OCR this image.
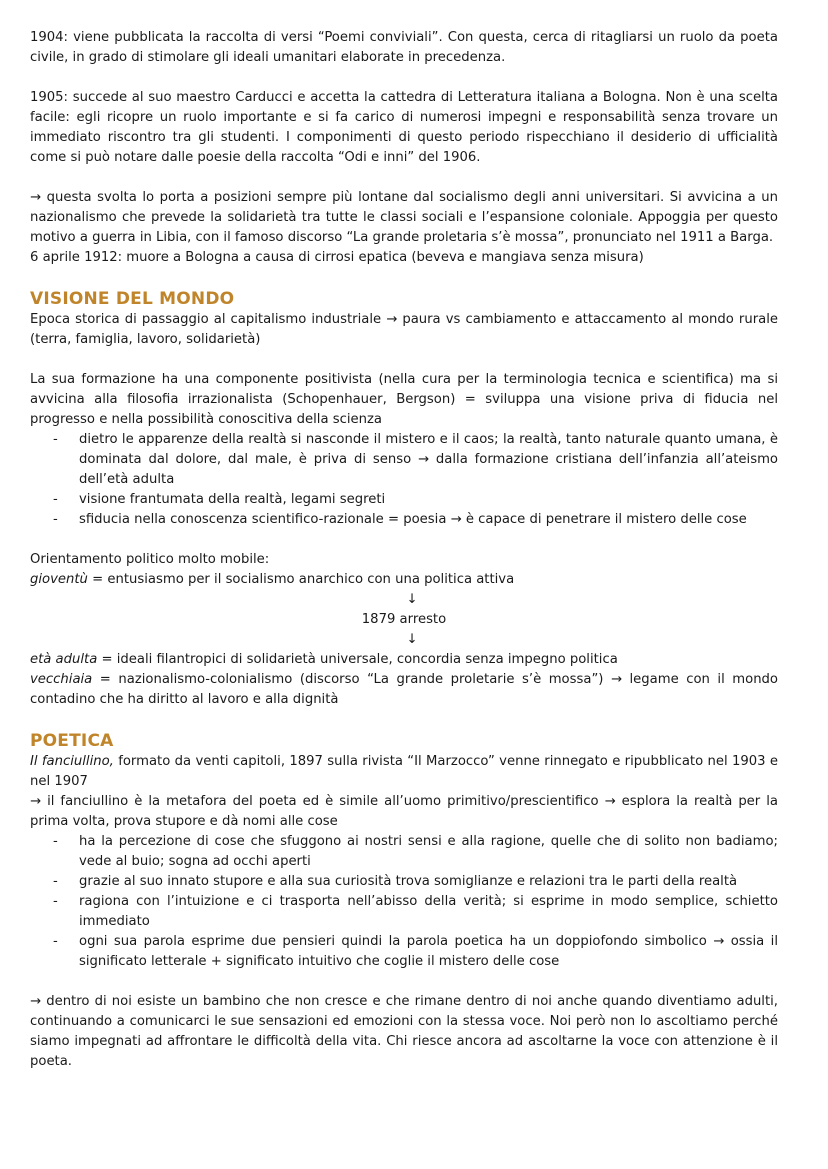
1904: viene pubblicata la raccolta di versi “Poemi conviviali”. Con questa, cerca di ritagliarsi un ruolo da poeta civile, in grado di stimolare gli ideali umanitari elaborate in precedenza.

1905: succede al suo maestro Carducci e accetta la cattedra di Letteratura italiana a Bologna. Non è una scelta facile: egli ricopre un ruolo importante e si fa carico di numerosi impegni e responsabilità senza trovare un immediato riscontro tra gli studenti. I componimenti di questo periodo rispecchiano il desiderio di ufficialità come si può notare dalle poesie della raccolta “Odi e inni” del 1906.

→ questa svolta lo porta a posizioni sempre più lontane dal socialismo degli anni universitari. Si avvicina a un nazionalismo che prevede la solidarietà tra tutte le classi sociali e l’espansione coloniale. Appoggia per questo motivo a guerra in Libia, con il famoso discorso “La grande proletaria s’è mossa”, pronunciato nel 1911 a Barga.

6 aprile 1912: muore a Bologna a causa di cirrosi epatica (beveva e mangiava senza misura)

VISIONE DEL MONDO

Epoca storica di passaggio al capitalismo industriale → paura vs cambiamento e attaccamento al mondo rurale (terra, famiglia, lavoro, solidarietà)

La sua formazione ha una componente positivista (nella cura per la terminologia tecnica e scientifica) ma si avvicina alla filosofia irrazionalista (Schopenhauer, Bergson) = sviluppa una visione priva di fiducia nel progresso e nella possibilità conoscitiva della scienza

- dietro le apparenze della realtà si nasconde il mistero e il caos; la realtà, tanto naturale quanto umana, è dominata dal dolore, dal male, è priva di senso → dalla formazione cristiana dell’infanzia all’ateismo dell’età adulta
- visione frantumata della realtà, legami segreti
- sfiducia nella conoscenza scientifico-razionale = poesia → è capace di penetrare il mistero delle cose

Orientamento politico molto mobile:

gioventù = entusiasmo per il socialismo anarchico con una politica attiva

↓

1879 arresto

↓

età adulta = ideali filantropici di solidarietà universale, concordia senza impegno politica

vecchiaia = nazionalismo-colonialismo (discorso “La grande proletarie s’è mossa”) → legame con il mondo contadino che ha diritto al lavoro e alla dignità

POETICA

Il fanciullino, formato da venti capitoli, 1897 sulla rivista “Il Marzocco” venne rinnegato e ripubblicato nel 1903 e nel 1907

→ il fanciullino è la metafora del poeta ed è simile all’uomo primitivo/prescientifico → esplora la realtà per la prima volta, prova stupore e dà nomi alle cose

- ha la percezione di cose che sfuggono ai nostri sensi e alla ragione, quelle che di solito non badiamo; vede al buio; sogna ad occhi aperti
- grazie al suo innato stupore e alla sua curiosità trova somiglianze e relazioni tra le parti della realtà
- ragiona con l’intuizione e ci trasporta nell’abisso della verità; si esprime in modo semplice, schietto immediato
- ogni sua parola esprime due pensieri quindi la parola poetica ha un doppiofondo simbolico → ossia il significato letterale + significato intuitivo che coglie il mistero delle cose

→ dentro di noi esiste un bambino che non cresce e che rimane dentro di noi anche quando diventiamo adulti, continuando a comunicarci le sue sensazioni ed emozioni con la stessa voce. Noi però non lo ascoltiamo perché siamo impegnati ad affrontare le difficoltà della vita. Chi riesce ancora ad ascoltarne la voce con attenzione è il poeta.
